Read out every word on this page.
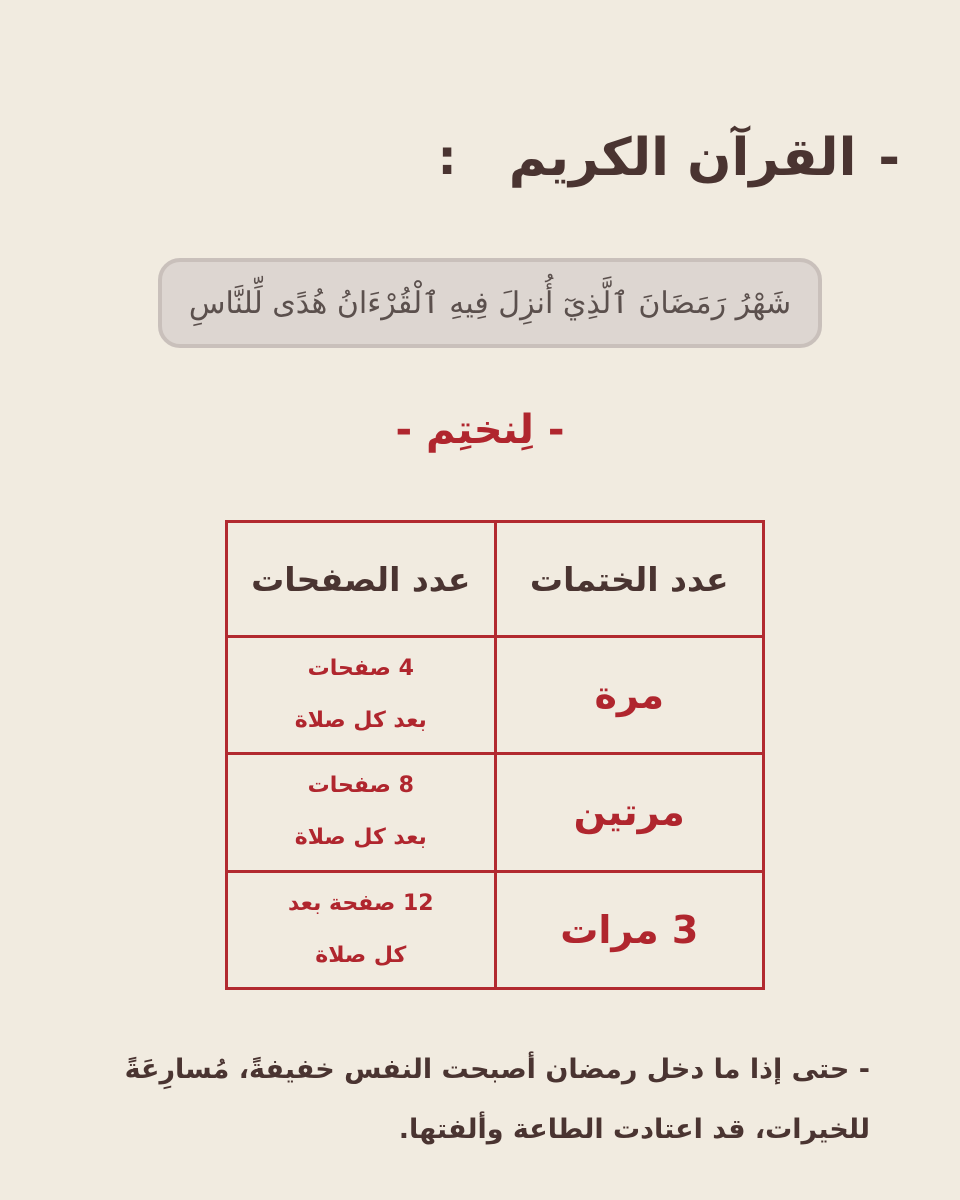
-
القرآن الكريم
:
شَهْرُ رَمَضَانَ ٱلَّذِيٓ أُنزِلَ فِيهِ ٱلْقُرْءَانُ هُدًى لِّلنَّاسِ
- لِنختِم -
عدد الختمات	عدد الصفحات
مرة	4 صفحات
بعد كل صلاة

مرتين	8 صفحات
بعد كل صلاة

3 مرات	12 صفحة بعد
كل صلاة
- حتى إذا ما دخل رمضان أصبحت النفس خفيفةً، مُسارِعَةً
للخيرات، قد اعتادت الطاعة وألفتها.
